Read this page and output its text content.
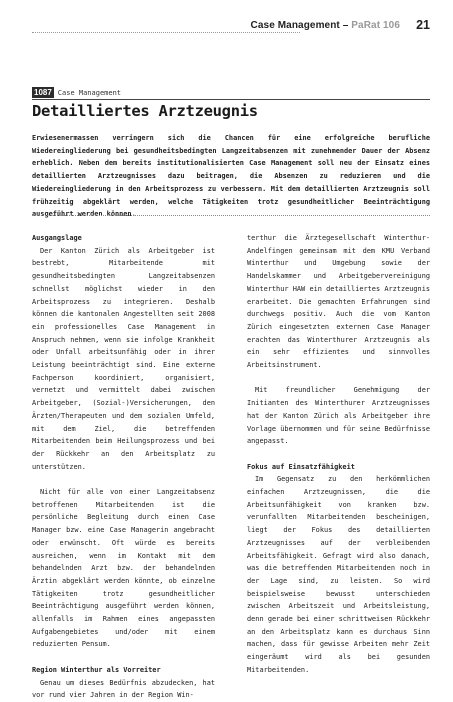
Case Management – PaRat 106 21
1087 Case Management
Detailliertes Arztzeugnis
Erwiesenermassen verringern sich die Chancen für eine erfolgreiche berufliche Wiedereingliederung bei gesundheitsbedingten Langzeitabsenzen mit zunehmender Dauer der Absenz erheblich. Neben dem bereits institutionalisierten Case Management soll neu der Einsatz eines detaillierten Arztzeugnisses dazu beitragen, die Absenzen zu reduzieren und die Wiedereingliederung in den Arbeitsprozess zu verbessern. Mit dem detaillierten Arztzeugnis soll frühzeitig abgeklärt werden, welche Tätigkeiten trotz gesundheitlicher Beeinträchtigung ausgeführt werden können.
Ausgangslage

Der Kanton Zürich als Arbeitgeber ist bestrebt, Mitarbeitende mit gesundheitsbedingten Langzeitabsenzen schnellst möglichst wieder in den Arbeitsprozess zu integrieren. Deshalb können die kantonalen Angestellten seit 2008 ein professionelles Case Management in Anspruch nehmen, wenn sie infolge Krankheit oder Unfall arbeitsunfähig oder in ihrer Leistung beeinträchtigt sind. Eine externe Fachperson koordiniert, organisiert, vernetzt und vermittelt dabei zwischen Arbeitgeber, (Sozial-)Versicherungen, den Ärzten/Therapeuten und dem sozialen Umfeld, mit dem Ziel, die betreffenden Mitarbeitenden beim Heilungsprozess und bei der Rückkehr an den Arbeitsplatz zu unterstützen.

Nicht für alle von einer Langzeitabsenz betroffenen Mitarbeitenden ist die persönliche Begleitung durch einen Case Manager bzw. eine Case Managerin angebracht oder erwünscht. Oft würde es bereits ausreichen, wenn im Kontakt mit dem behandelnden Arzt bzw. der behandelnden Ärztin abgeklärt werden könnte, ob einzelne Tätigkeiten trotz gesundheitlicher Beeinträchtigung ausgeführt werden können, allenfalls im Rahmen eines angepassten Aufgabengebietes und/oder mit einem reduzierten Pensum.

Region Winterthur als Vorreiter

Genau um dieses Bedürfnis abzudecken, hat vor rund vier Jahren in der Region Win-

terthur die Ärztegesellschaft Winterthur-Andelfingen gemeinsam mit dem KMU Verband Winterthur und Umgebung sowie der Handelskammer und Arbeitgebervereinigung Winterthur HAW ein detailliertes Arztzeugnis erarbeitet. Die gemachten Erfahrungen sind durchwegs positiv. Auch die vom Kanton Zürich eingesetzten externen Case Manager erachten das Winterthurer Arztzeugnis als ein sehr effizientes und sinnvolles Arbeitsinstrument.

Mit freundlicher Genehmigung der Initianten des Winterthurer Arztzeugnisses hat der Kanton Zürich als Arbeitgeber ihre Vorlage übernommen und für seine Bedürfnisse angepasst.

Fokus auf Einsatzfähigkeit

Im Gegensatz zu den herkömmlichen einfachen Arztzeugnissen, die die Arbeitsunfähigkeit von kranken bzw. verunfallten Mitarbeitenden bescheinigen, liegt der Fokus des detaillierten Arztzeugnisses auf der verbleibenden Arbeitsfähigkeit. Gefragt wird also danach, was die betreffenden Mitarbeitenden noch in der Lage sind, zu leisten. So wird beispielsweise bewusst unterschieden zwischen Arbeitszeit und Arbeitsleistung, denn gerade bei einer schrittweisen Rückkehr an den Arbeitsplatz kann es durchaus Sinn machen, dass für gewisse Arbeiten mehr Zeit eingeräumt wird als bei gesunden Mitarbeitenden.
